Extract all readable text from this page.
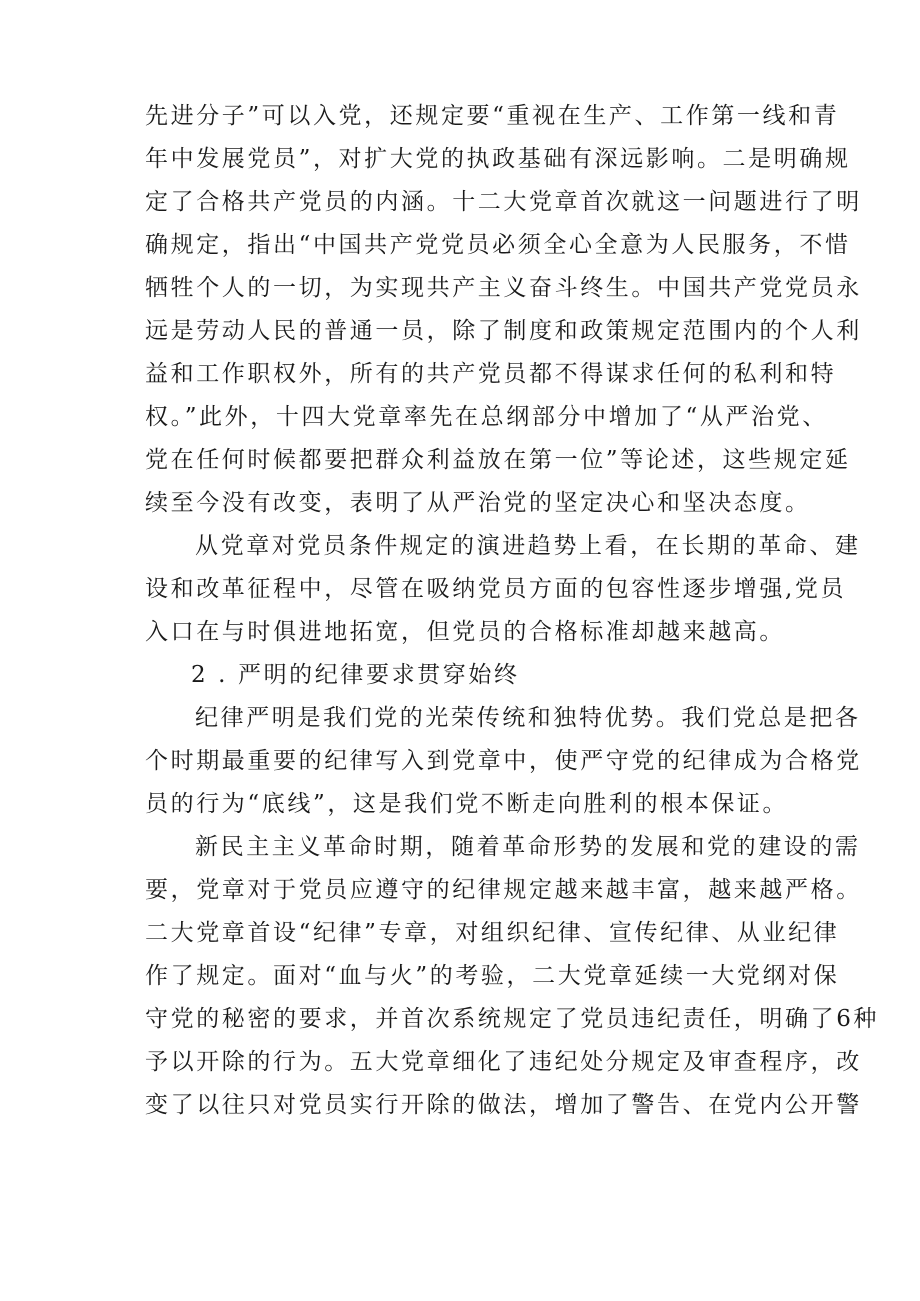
先进分子”可以入党，还规定要“重视在生产、工作第一线和青
年中发展党员”，对扩大党的执政基础有深远影响。二是明确规
定了合格共产党员的内涵。十二大党章首次就这一问题进行了明
确规定，指出“中国共产党党员必须全心全意为人民服务，不惜
牺牲个人的一切，为实现共产主义奋斗终生。中国共产党党员永
远是劳动人民的普通一员，除了制度和政策规定范围内的个人利
益和工作职权外，所有的共产党员都不得谋求任何的私利和特
权。”此外，十四大党章率先在总纲部分中增加了“从严治党、
党在任何时候都要把群众利益放在第一位”等论述，这些规定延
续至今没有改变，表明了从严治党的坚定决心和坚决态度。
从党章对党员条件规定的演进趋势上看，在长期的革命、建
设和改革征程中，尽管在吸纳党员方面的包容性逐步增强,党员
入口在与时俱进地拓宽，但党员的合格标准却越来越高。
2 . 严明的纪律要求贯穿始终
纪律严明是我们党的光荣传统和独特优势。我们党总是把各
个时期最重要的纪律写入到党章中，使严守党的纪律成为合格党
员的行为“底线”，这是我们党不断走向胜利的根本保证。
新民主主义革命时期，随着革命形势的发展和党的建设的需
要，党章对于党员应遵守的纪律规定越来越丰富，越来越严格。
二大党章首设“纪律”专章，对组织纪律、宣传纪律、从业纪律
作了规定。面对“血与火”的考验，二大党章延续一大党纲对保
守党的秘密的要求，并首次系统规定了党员违纪责任，明确了6种
予以开除的行为。五大党章细化了违纪处分规定及审查程序，改
变了以往只对党员实行开除的做法，增加了警告、在党内公开警
